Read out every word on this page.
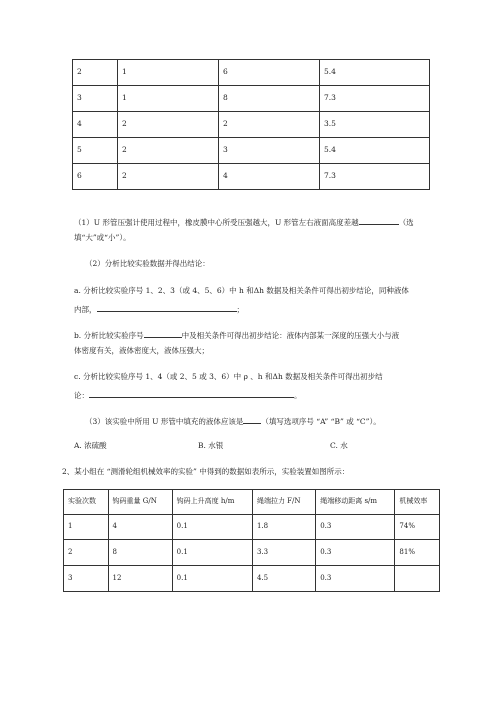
2	1	6	5.4
3	1	8	7.3
4	2	2	3.5
5	2	3	5.4
6	2	4	7.3
（1）U 形管压强计使用过程中，橡皮膜中心所受压强越大，U 形管左右液面高度差越	（选
填“大”或“小”）。
（2）分析比较实验数据并得出结论：
a. 分析比较实验序号 1、2、3（或 4、5、6）中 h 和Δh 数据及相关条件可得出初步结论，同种液体
内部，	；
b. 分析比较实验序号	中及相关条件可得出初步结论：液体内部某一深度的压强大小与液
体密度有关，液体密度大，液体压强大；
c. 分析比较实验序号 1、4（或 2、5 或 3、6）中 ρ 、h 和Δh 数据及相关条件可得出初步结
论：	。
（3）该实验中所用 U 形管中填充的液体应该是 （填写选项序号 “A” “B” 或 “C”）。
A. 浓硫酸	B. 水银	C. 水
2、某小组在 “测滑轮组机械效率的实验” 中得到的数据如表所示，实验装置如图所示：
实验次数	钩码重量 G/N	钩码上升高度 h/m	绳端拉力 F/N	绳端移动距离 s/m	机械效率
1	4	0.1	1.8	0.3	74%
2	8	0.1	3.3	0.3	81%
3	12	0.1	4.5	0.3	
